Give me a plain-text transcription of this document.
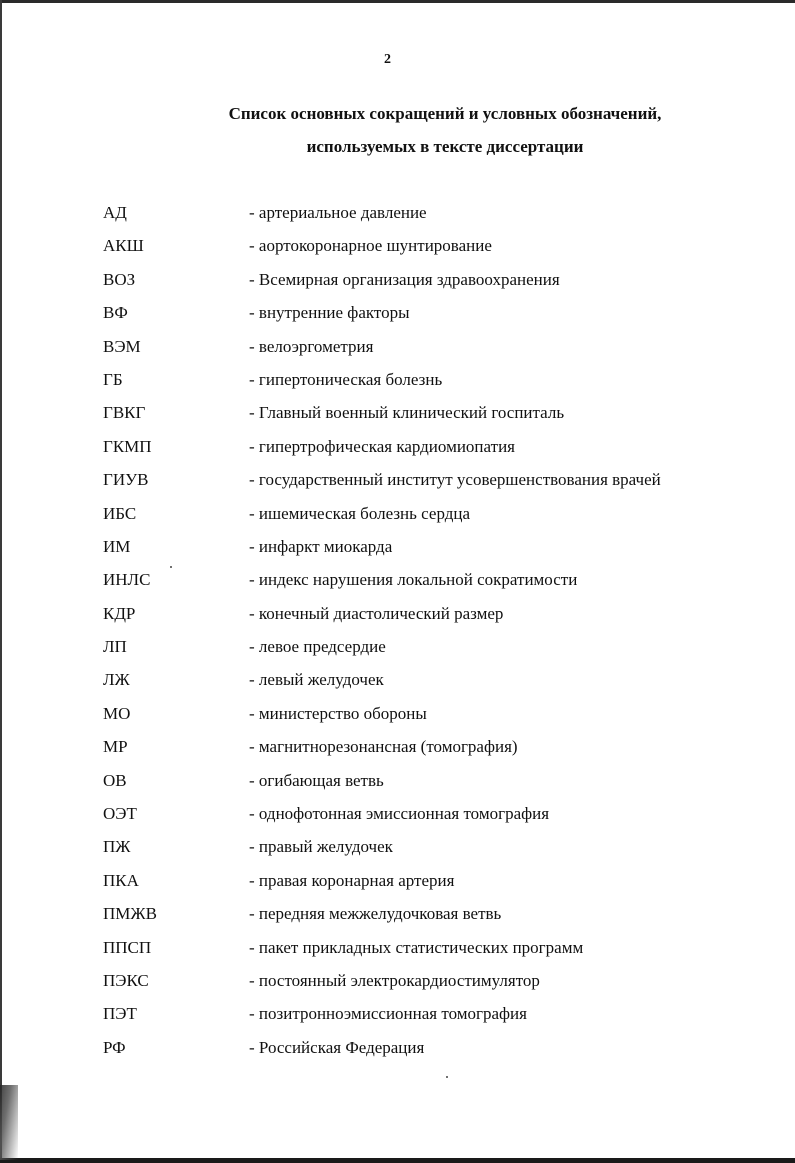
2
Список основных сокращений и условных обозначений,
используемых в тексте диссертации
АД	- артериальное давление
АКШ	- аортокоронарное шунтирование
ВОЗ	- Всемирная организация здравоохранения
ВФ	- внутренние факторы
ВЭМ	- велоэргометрия
ГБ	- гипертоническая болезнь
ГВКГ	- Главный военный клинический госпиталь
ГКМП	- гипертрофическая кардиомиопатия
ГИУВ	- государственный институт усовершенствования врачей
ИБС	- ишемическая болезнь сердца
ИМ	- инфаркт миокарда
ИНЛС	- индекс нарушения локальной сократимости
КДР	- конечный диастолический размер
ЛП	- левое предсердие
ЛЖ	- левый желудочек
МО	- министерство обороны
МР	- магнитнорезонансная (томография)
ОВ	- огибающая ветвь
ОЭТ	- однофотонная эмиссионная томография
ПЖ	- правый желудочек
ПКА	- правая коронарная артерия
ПМЖВ	- передняя межжелудочковая ветвь
ППСП	- пакет прикладных статистических программ
ПЭКС	- постоянный электрокардиостимулятор
ПЭТ	- позитронноэмиссионная томография
РФ	- Российская Федерация
